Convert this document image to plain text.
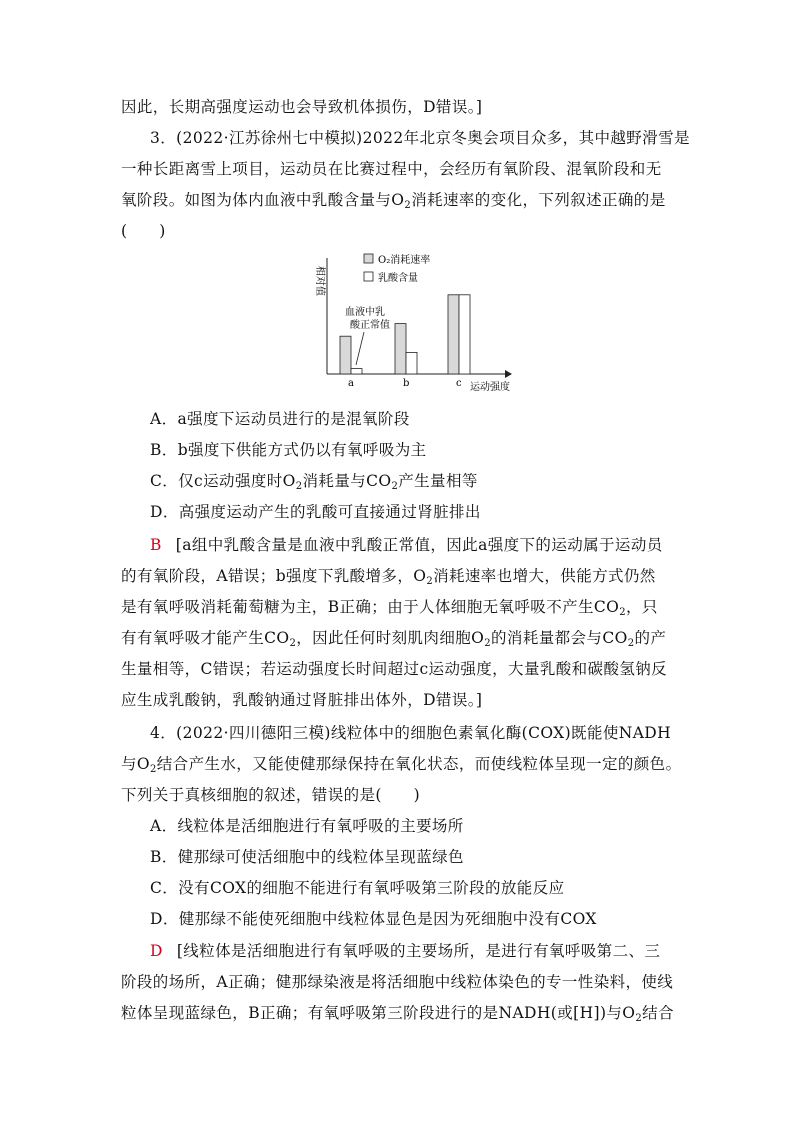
因此，长期高强度运动也会导致机体损伤，D错误。]
3．(2022·江苏徐州七中模拟)2022年北京冬奥会项目众多，其中越野滑雪是
一种长距离雪上项目，运动员在比赛过程中，会经历有氧阶段、混氧阶段和无
氧阶段。如图为体内血液中乳酸含量与$O_2$消耗速率的变化，下列叙述正确的是
(　　)
O₂消耗速率
乳酸含量
相对值
运动强度
a	b	c
血液中乳
酸正常值
A．a强度下运动员进行的是混氧阶段
B．b强度下供能方式仍以有氧呼吸为主
C．仅c运动强度时$O_2$消耗量与$CO_2$产生量相等
D．高强度运动产生的乳酸可直接通过肾脏排出
B [a组中乳酸含量是血液中乳酸正常值，因此a强度下的运动属于运动员
的有氧阶段，A错误；b强度下乳酸增多，$O_2$消耗速率也增大，供能方式仍然
是有氧呼吸消耗葡萄糖为主，B正确；由于人体细胞无氧呼吸不产生$CO_2$，只
有有氧呼吸才能产生$CO_2$，因此任何时刻肌肉细胞$O_2$的消耗量都会与$CO_2$的产
生量相等，C错误；若运动强度长时间超过c运动强度，大量乳酸和碳酸氢钠反
应生成乳酸钠，乳酸钠通过肾脏排出体外，D错误。]
4．(2022·四川德阳三模)线粒体中的细胞色素氧化酶(COX)既能使NADH
与$O_2$结合产生水，又能使健那绿保持在氧化状态，而使线粒体呈现一定的颜色。
下列关于真核细胞的叙述，错误的是(　　)
A．线粒体是活细胞进行有氧呼吸的主要场所
B．健那绿可使活细胞中的线粒体呈现蓝绿色
C．没有COX的细胞不能进行有氧呼吸第三阶段的放能反应
D．健那绿不能使死细胞中线粒体显色是因为死细胞中没有COX
D [线粒体是活细胞进行有氧呼吸的主要场所，是进行有氧呼吸第二、三
阶段的场所，A正确；健那绿染液是将活细胞中线粒体染色的专一性染料，使线
粒体呈现蓝绿色，B正确；有氧呼吸第三阶段进行的是NADH(或[H])与$O_2$结合
